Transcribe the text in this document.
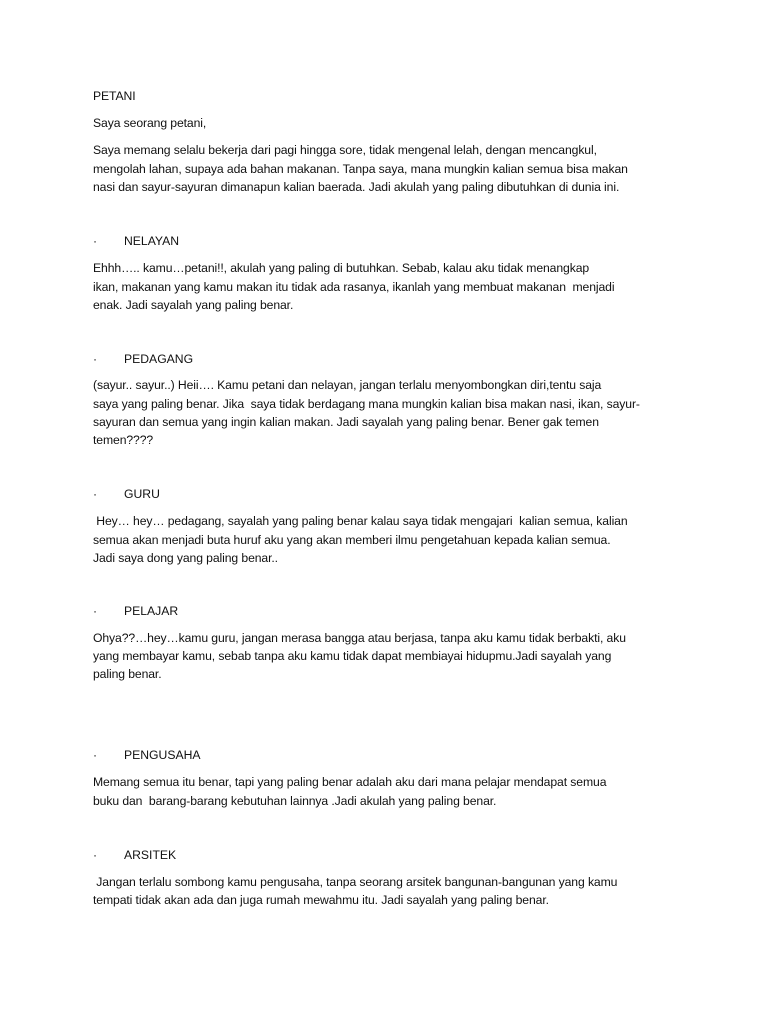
PETANI
Saya seorang petani,
Saya memang selalu bekerja dari pagi hingga sore, tidak mengenal lelah, dengan mencangkul,
mengolah lahan, supaya ada bahan makanan. Tanpa saya, mana mungkin kalian semua bisa makan
nasi dan sayur-sayuran dimanapun kalian baerada. Jadi akulah yang paling dibutuhkan di dunia ini.
· NELAYAN
Ehhh….. kamu…petani!!, akulah yang paling di butuhkan. Sebab, kalau aku tidak menangkap
ikan, makanan yang kamu makan itu tidak ada rasanya, ikanlah yang membuat makanan  menjadi
enak. Jadi sayalah yang paling benar.
· PEDAGANG
(sayur.. sayur..) Heii…. Kamu petani dan nelayan, jangan terlalu menyombongkan diri,tentu saja
saya yang paling benar. Jika  saya tidak berdagang mana mungkin kalian bisa makan nasi, ikan, sayur-
sayuran dan semua yang ingin kalian makan. Jadi sayalah yang paling benar. Bener gak temen
temen????
· GURU
Hey… hey… pedagang, sayalah yang paling benar kalau saya tidak mengajari  kalian semua, kalian
semua akan menjadi buta huruf aku yang akan memberi ilmu pengetahuan kepada kalian semua.
Jadi saya dong yang paling benar..
· PELAJAR
Ohya??…hey…kamu guru, jangan merasa bangga atau berjasa, tanpa aku kamu tidak berbakti, aku
yang membayar kamu, sebab tanpa aku kamu tidak dapat membiayai hidupmu.Jadi sayalah yang
paling benar.
· PENGUSAHA
Memang semua itu benar, tapi yang paling benar adalah aku dari mana pelajar mendapat semua
buku dan  barang-barang kebutuhan lainnya .Jadi akulah yang paling benar.
· ARSITEK
Jangan terlalu sombong kamu pengusaha, tanpa seorang arsitek bangunan-bangunan yang kamu
tempati tidak akan ada dan juga rumah mewahmu itu. Jadi sayalah yang paling benar.
